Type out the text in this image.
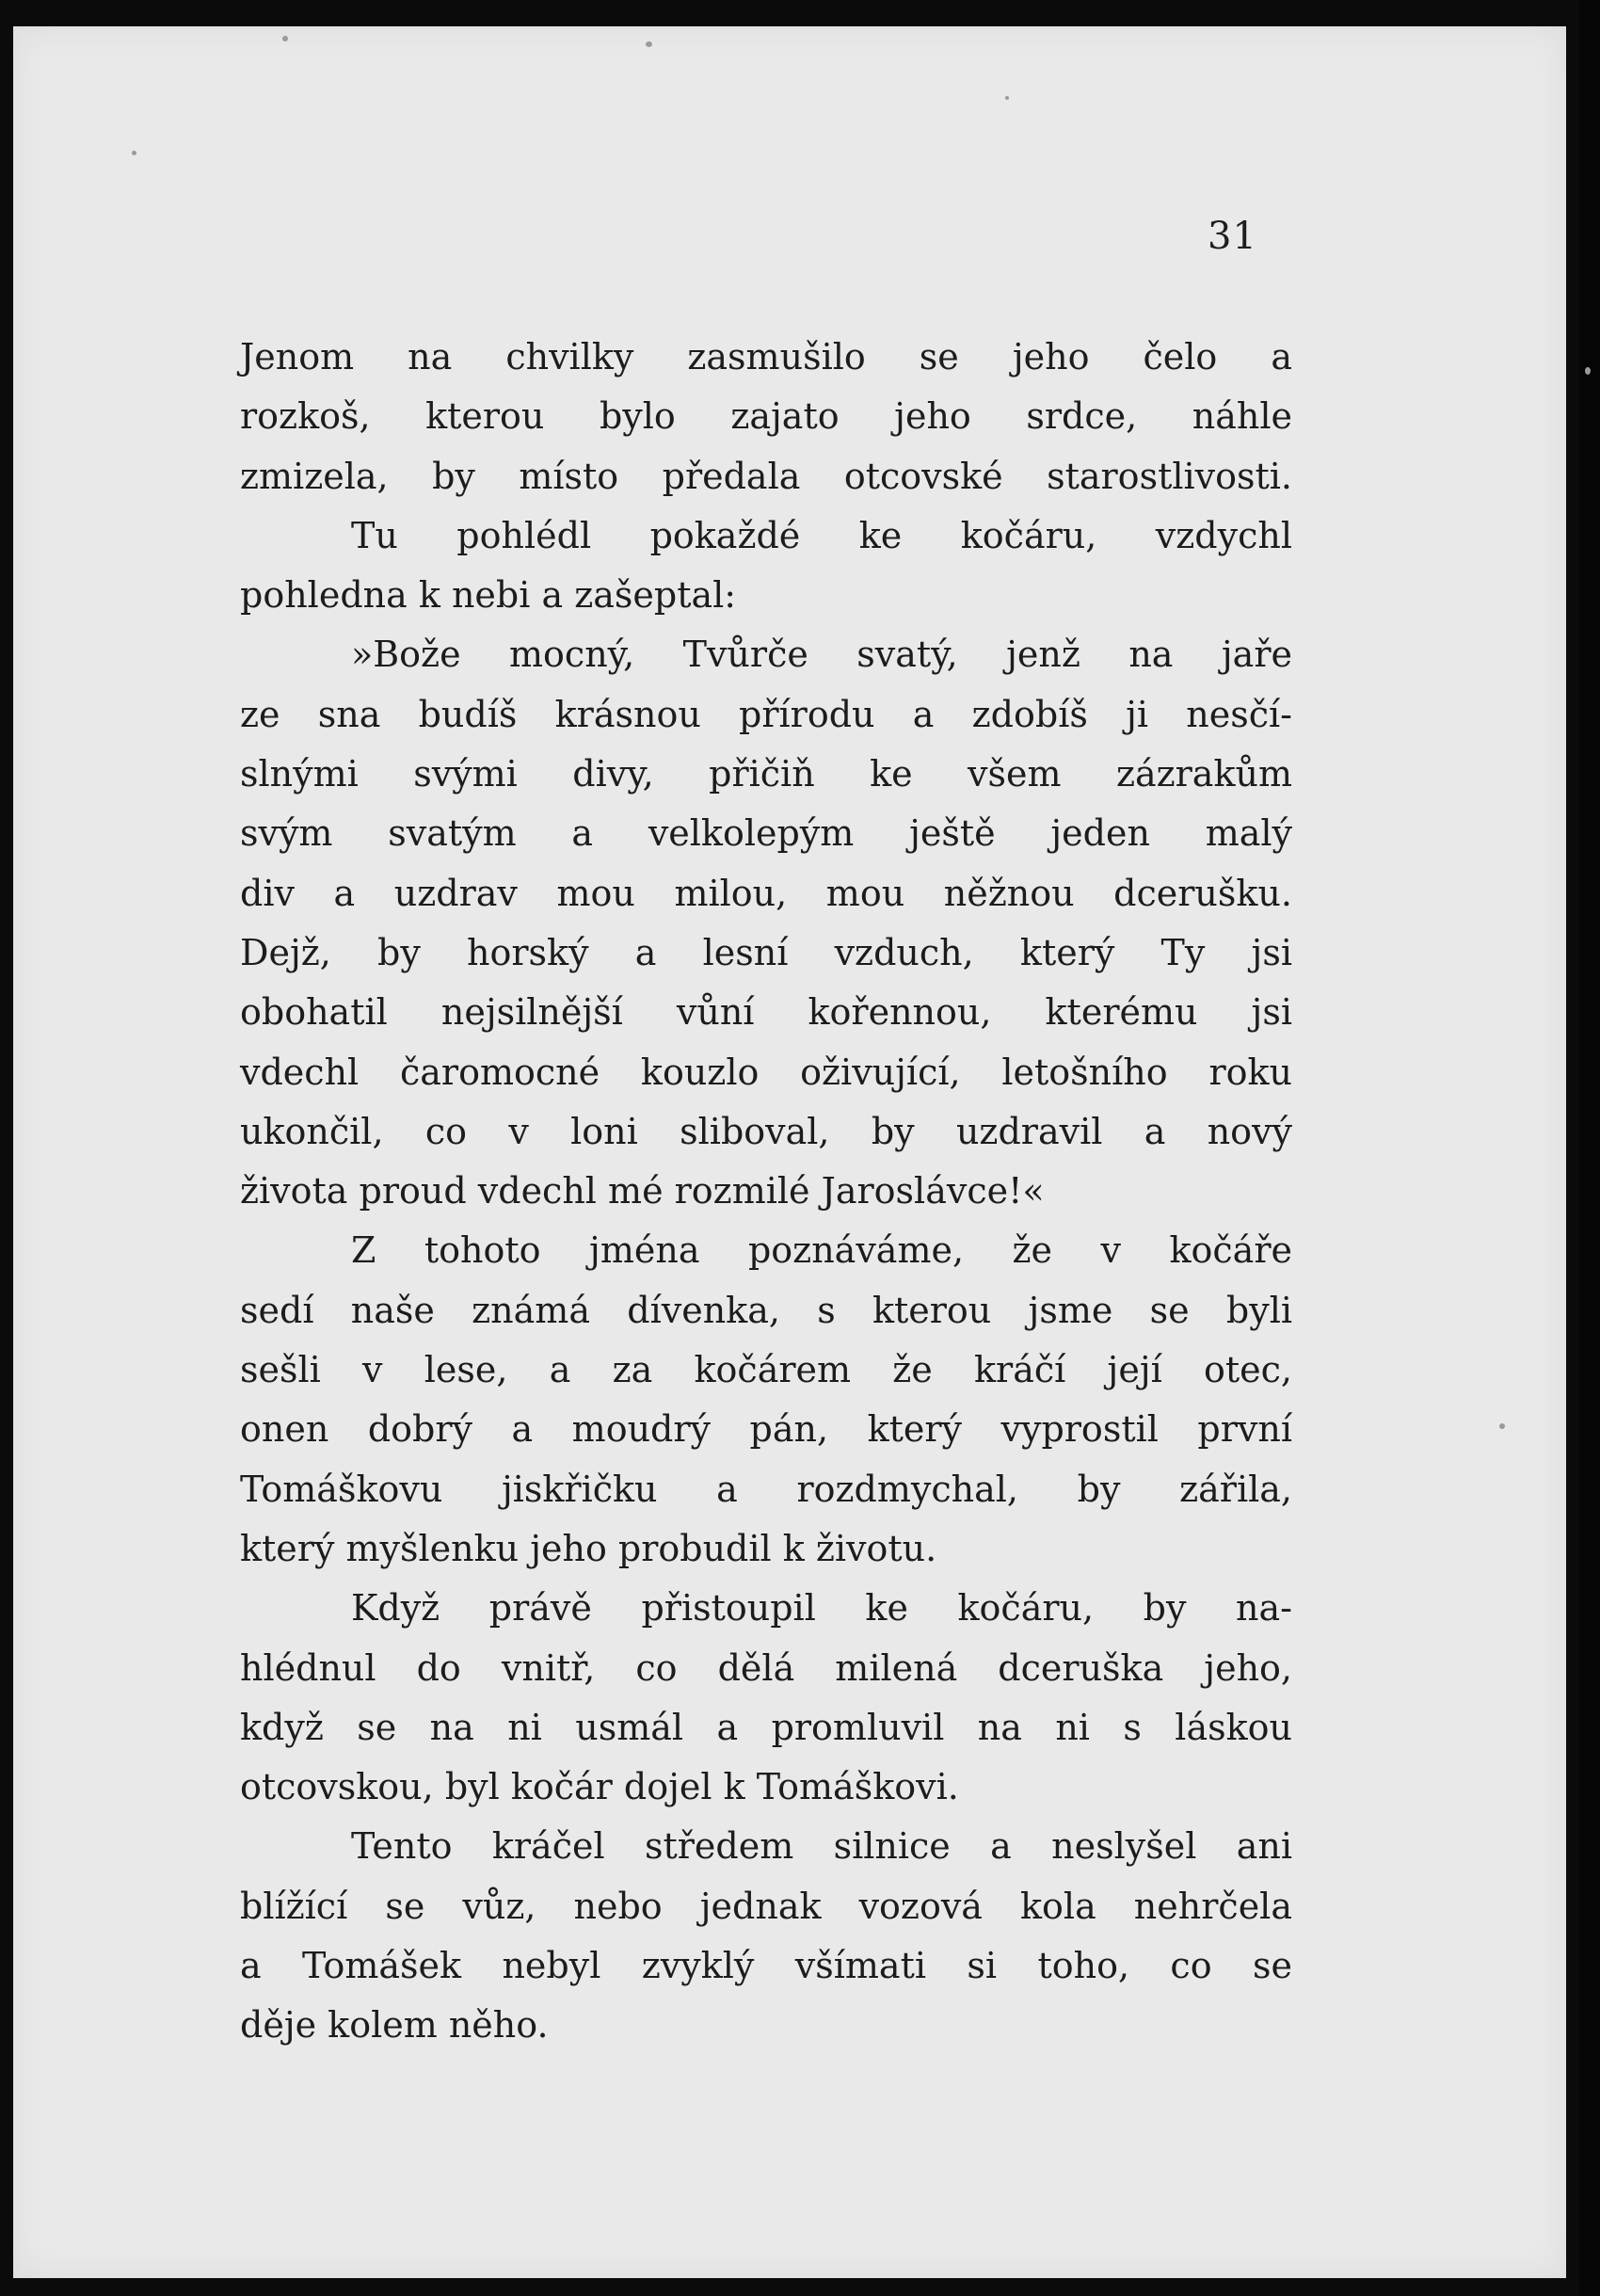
31

Jenom na chvilky zasmušilo se jeho čelo a
rozkoš, kterou bylo zajato jeho srdce, náhle
zmizela, by místo předala otcovské starostlivosti.
Tu pohlédl pokaždé ke kočáru, vzdychl
pohledna k nebi a zašeptal:
»Bože mocný, Tvůrče svatý, jenž na jaře
ze sna budíš krásnou přírodu a zdobíš ji nesčí-
slnými svými divy, přičiň ke všem zázrakům
svým svatým a velkolepým ještě jeden malý
div a uzdrav mou milou, mou něžnou dcerušku.
Dejž, by horský a lesní vzduch, který Ty jsi
obohatil nejsilnější vůní kořennou, kterému jsi
vdechl čaromocné kouzlo oživující, letošního roku
ukončil, co v loni sliboval, by uzdravil a nový
života proud vdechl mé rozmilé Jaroslávce!«
Z tohoto jména poznáváme, že v kočáře
sedí naše známá dívenka, s kterou jsme se byli
sešli v lese, a za kočárem že kráčí její otec,
onen dobrý a moudrý pán, který vyprostil první
Tomáškovu jiskřičku a rozdmychal, by zářila,
který myšlenku jeho probudil k životu.
Když právě přistoupil ke kočáru, by na-
hlédnul do vnitř, co dělá milená dceruška jeho,
když se na ni usmál a promluvil na ni s láskou
otcovskou, byl kočár dojel k Tomáškovi.
Tento kráčel středem silnice a neslyšel ani
blížící se vůz, nebo jednak vozová kola nehrčela
a Tomášek nebyl zvyklý všímati si toho, co se
děje kolem něho.
